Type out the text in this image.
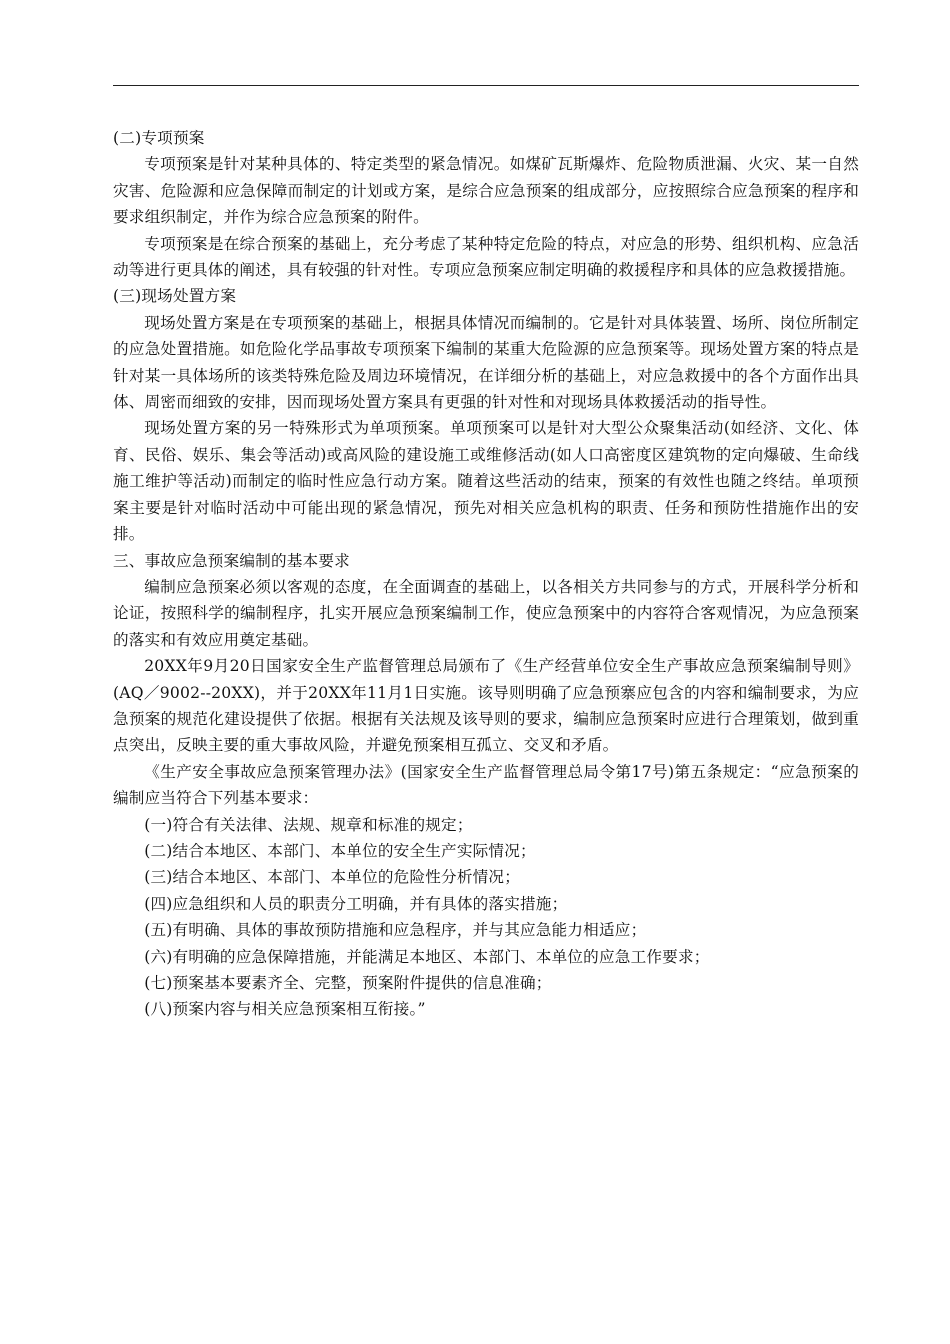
(二)专项预案

专项预案是针对某种具体的、特定类型的紧急情况。如煤矿瓦斯爆炸、危险物质泄漏、火灾、某一自然灾害、危险源和应急保障而制定的计划或方案，是综合应急预案的组成部分，应按照综合应急预案的程序和要求组织制定，并作为综合应急预案的附件。

专项预案是在综合预案的基础上，充分考虑了某种特定危险的特点，对应急的形势、组织机构、应急活动等进行更具体的阐述，具有较强的针对性。专项应急预案应制定明确的救援程序和具体的应急救援措施。

(三)现场处置方案

现场处置方案是在专项预案的基础上，根据具体情况而编制的。它是针对具体装置、场所、岗位所制定的应急处置措施。如危险化学品事故专项预案下编制的某重大危险源的应急预案等。现场处置方案的特点是针对某一具体场所的该类特殊危险及周边环境情况，在详细分析的基础上，对应急救援中的各个方面作出具体、周密而细致的安排，因而现场处置方案具有更强的针对性和对现场具体救援活动的指导性。

现场处置方案的另一特殊形式为单项预案。单项预案可以是针对大型公众聚集活动(如经济、文化、体育、民俗、娱乐、集会等活动)或高风险的建设施工或维修活动(如人口高密度区建筑物的定向爆破、生命线施工维护等活动)而制定的临时性应急行动方案。随着这些活动的结束，预案的有效性也随之终结。单项预案主要是针对临时活动中可能出现的紧急情况，预先对相关应急机构的职责、任务和预防性措施作出的安排。

三、事故应急预案编制的基本要求

编制应急预案必须以客观的态度，在全面调查的基础上，以各相关方共同参与的方式，开展科学分析和论证，按照科学的编制程序，扎实开展应急预案编制工作，使应急预案中的内容符合客观情况，为应急预案的落实和有效应用奠定基础。

20XX年9月20日国家安全生产监督管理总局颁布了《生产经营单位安全生产事故应急预案编制导则》(AQ／9002--20XX)，并于20XX年11月1日实施。该导则明确了应急预寨应包含的内容和编制要求，为应急预案的规范化建设提供了依据。根据有关法规及该导则的要求，编制应急预案时应进行合理策划，做到重点突出，反映主要的重大事故风险，并避免预案相互孤立、交叉和矛盾。

《生产安全事故应急预案管理办法》(国家安全生产监督管理总局令第17号)第五条规定：“应急预案的编制应当符合下列基本要求：

(一)符合有关法律、法规、规章和标准的规定；

(二)结合本地区、本部门、本单位的安全生产实际情况；

(三)结合本地区、本部门、本单位的危险性分析情况；

(四)应急组织和人员的职责分工明确，并有具体的落实措施；

(五)有明确、具体的事故预防措施和应急程序，并与其应急能力相适应；

(六)有明确的应急保障措施，并能满足本地区、本部门、本单位的应急工作要求；

(七)预案基本要素齐全、完整，预案附件提供的信息准确；

(八)预案内容与相关应急预案相互衔接。”
